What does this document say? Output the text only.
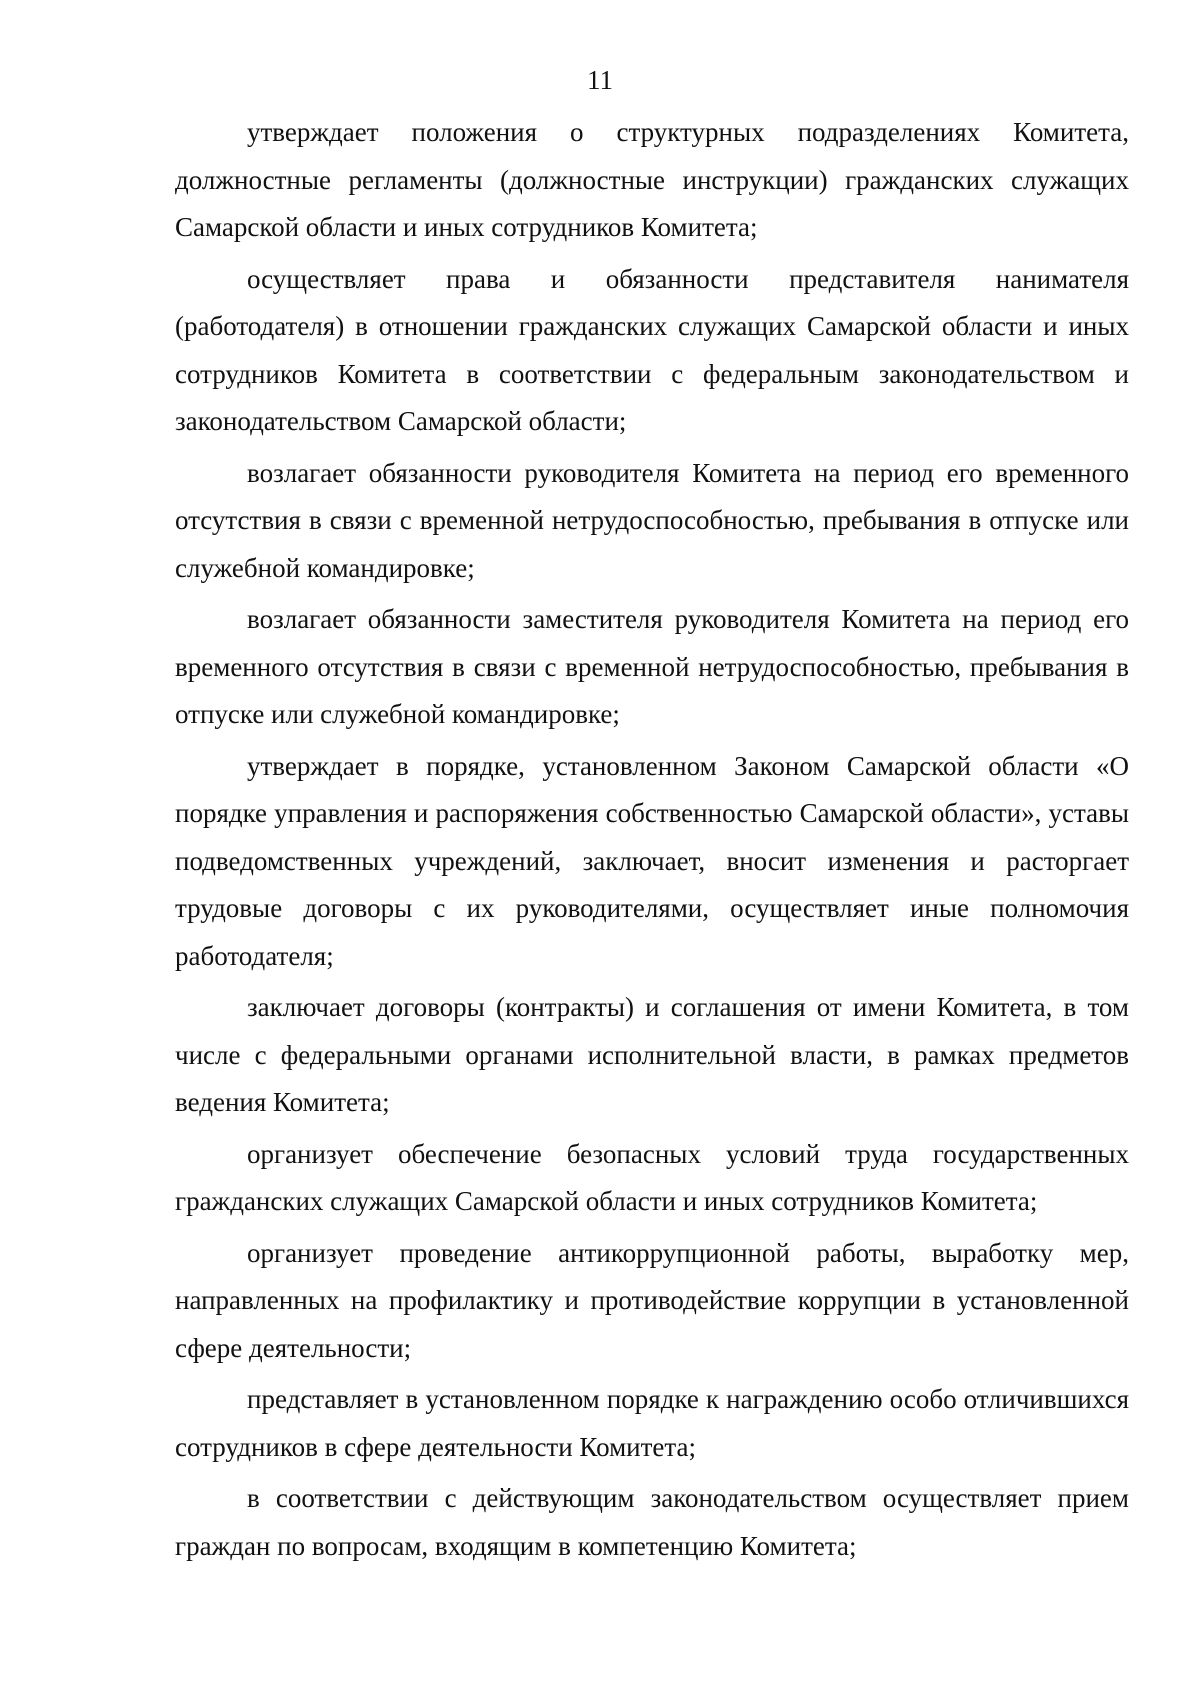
11

утверждает положения о структурных подразделениях Комитета, должностные регламенты (должностные инструкции) гражданских служащих Самарской области и иных сотрудников Комитета;

осуществляет права и обязанности представителя нанимателя (работодателя) в отношении гражданских служащих Самарской области и иных сотрудников Комитета в соответствии с федеральным законодательством и законодательством Самарской области;

возлагает обязанности руководителя Комитета на период его временного отсутствия в связи с временной нетрудоспособностью, пребывания в отпуске или служебной командировке;

возлагает обязанности заместителя руководителя Комитета на период его временного отсутствия в связи с временной нетрудоспособностью, пребывания в отпуске или служебной командировке;

утверждает в порядке, установленном Законом Самарской области «О порядке управления и распоряжения собственностью Самарской области», уставы подведомственных учреждений, заключает, вносит изменения и расторгает трудовые договоры с их руководителями, осуществляет иные полномочия работодателя;

заключает договоры (контракты) и соглашения от имени Комитета, в том числе с федеральными органами исполнительной власти, в рамках предметов ведения Комитета;

организует обеспечение безопасных условий труда государственных гражданских служащих Самарской области и иных сотрудников Комитета;

организует проведение антикоррупционной работы, выработку мер, направленных на профилактику и противодействие коррупции в установленной сфере деятельности;

представляет в установленном порядке к награждению особо отличившихся сотрудников в сфере деятельности Комитета;

в соответствии с действующим законодательством осуществляет прием граждан по вопросам, входящим в компетенцию Комитета;
